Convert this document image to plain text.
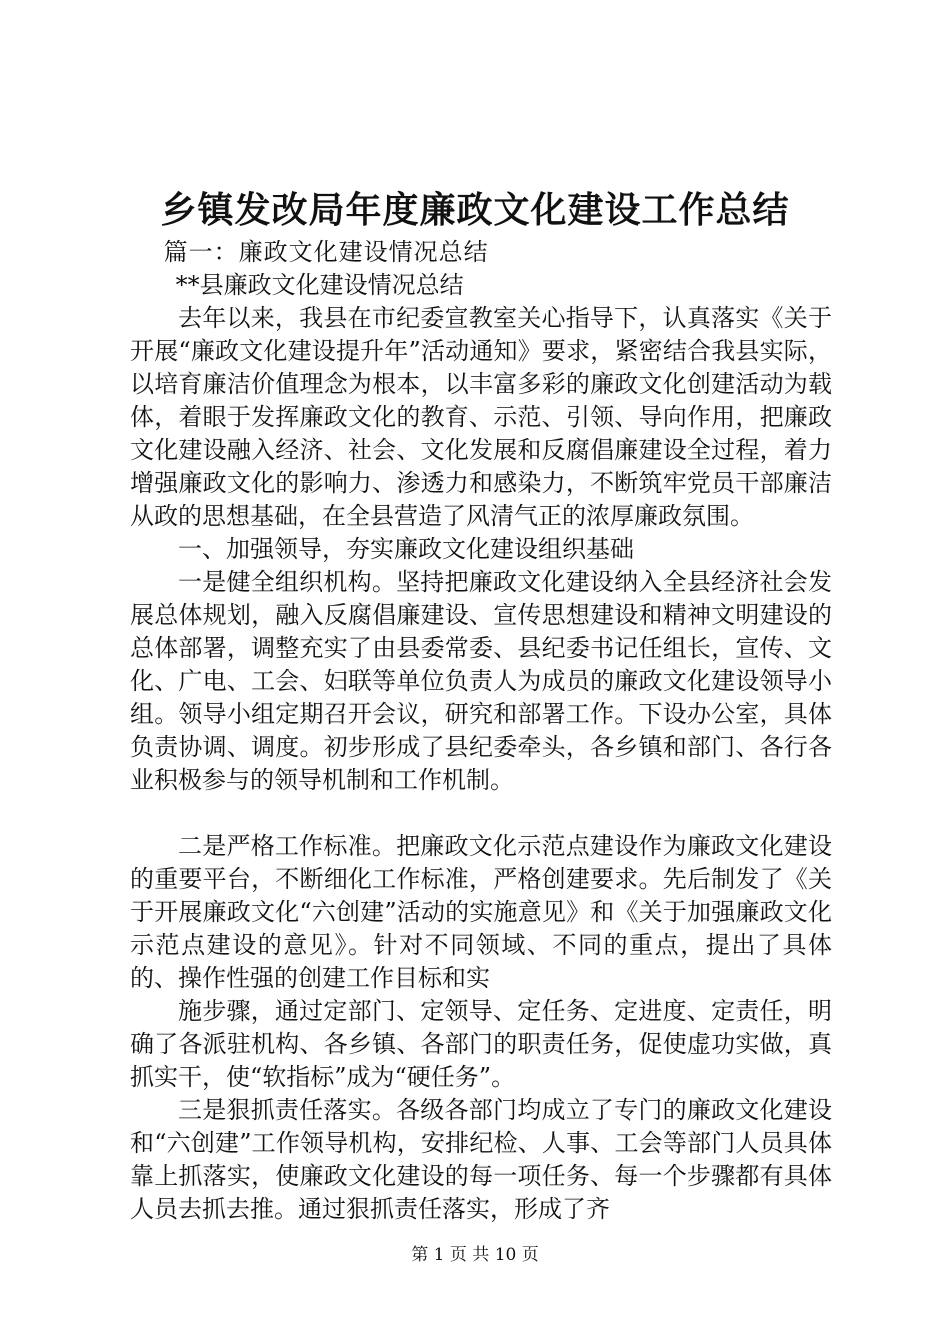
乡镇发改局年度廉政文化建设工作总结

篇一：廉政文化建设情况总结

**县廉政文化建设情况总结

去年以来，我县在市纪委宣教室关心指导下，认真落实《关于开展“廉政文化建设提升年”活动通知》要求，紧密结合我县实际，以培育廉洁价值理念为根本，以丰富多彩的廉政文化创建活动为载体，着眼于发挥廉政文化的教育、示范、引领、导向作用，把廉政文化建设融入经济、社会、文化发展和反腐倡廉建设全过程，着力增强廉政文化的影响力、渗透力和感染力，不断筑牢党员干部廉洁从政的思想基础，在全县营造了风清气正的浓厚廉政氛围。

一、加强领导，夯实廉政文化建设组织基础

一是健全组织机构。坚持把廉政文化建设纳入全县经济社会发展总体规划，融入反腐倡廉建设、宣传思想建设和精神文明建设的总体部署，调整充实了由县委常委、县纪委书记任组长，宣传、文化、广电、工会、妇联等单位负责人为成员的廉政文化建设领导小组。领导小组定期召开会议，研究和部署工作。下设办公室，具体负责协调、调度。初步形成了县纪委牵头，各乡镇和部门、各行各业积极参与的领导机制和工作机制。

二是严格工作标准。把廉政文化示范点建设作为廉政文化建设的重要平台，不断细化工作标准，严格创建要求。先后制发了《关于开展廉政文化“六创建”活动的实施意见》和《关于加强廉政文化示范点建设的意见》。针对不同领域、不同的重点，提出了具体的、操作性强的创建工作目标和实

施步骤，通过定部门、定领导、定任务、定进度、定责任，明确了各派驻机构、各乡镇、各部门的职责任务，促使虚功实做，真抓实干，使“软指标”成为“硬任务”。

三是狠抓责任落实。各级各部门均成立了专门的廉政文化建设和“六创建”工作领导机构，安排纪检、人事、工会等部门人员具体靠上抓落实，使廉政文化建设的每一项任务、每一个步骤都有具体人员去抓去推。通过狠抓责任落实，形成了齐

第 1 页 共 10 页
